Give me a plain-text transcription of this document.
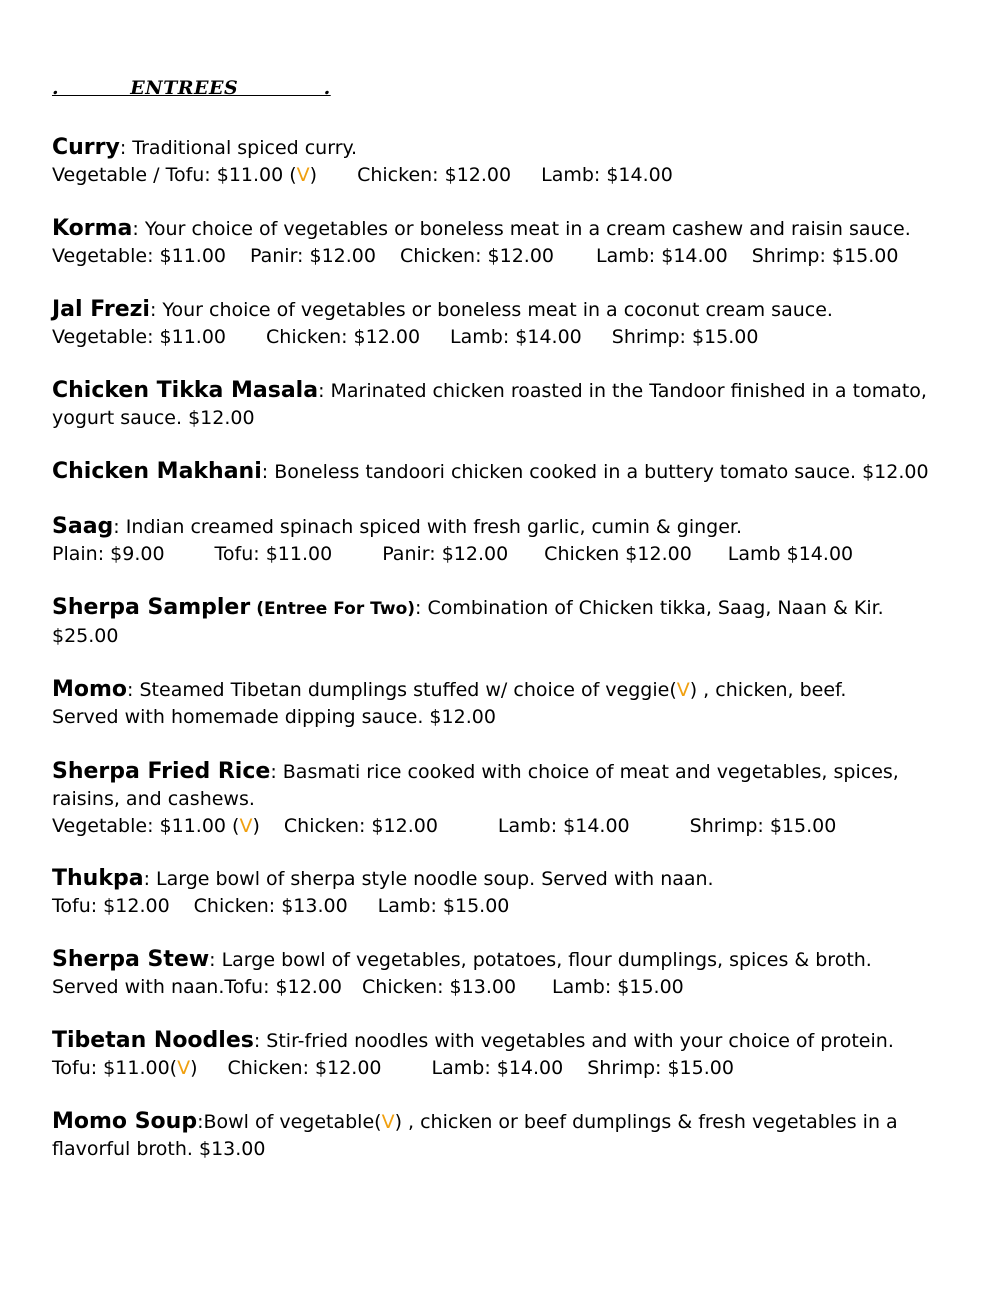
.          ENTREES            .
Curry: Traditional spiced curry.
Vegetable / Tofu: $11.00 (V) Chicken: $12.00 Lamb: $14.00
Korma: Your choice of vegetables or boneless meat in a cream cashew and raisin sauce.
Vegetable: $11.00 Panir: $12.00 Chicken: $12.00 Lamb: $14.00 Shrimp: $15.00
Jal Frezi: Your choice of vegetables or boneless meat in a coconut cream sauce.
Vegetable: $11.00 Chicken: $12.00 Lamb: $14.00 Shrimp: $15.00
Chicken Tikka Masala: Marinated chicken roasted in the Tandoor finished in a tomato,
yogurt sauce. $12.00
Chicken Makhani: Boneless tandoori chicken cooked in a buttery tomato sauce. $12.00
Saag: Indian creamed spinach spiced with fresh garlic, cumin & ginger.
Plain: $9.00	Tofu: $11.00	Panir: $12.00 Chicken $12.00 Lamb $14.00
Sherpa Sampler (Entree For Two): Combination of Chicken tikka, Saag, Naan & Kir.
$25.00
Momo: Steamed Tibetan dumplings stuffed w/ choice of veggie(V) , chicken, beef.
Served with homemade dipping sauce. $12.00
Sherpa Fried Rice: Basmati rice cooked with choice of meat and vegetables, spices,
raisins, and cashews.
Vegetable: $11.00 (V) Chicken: $12.00	Lamb: $14.00	Shrimp: $15.00
Thukpa: Large bowl of sherpa style noodle soup. Served with naan.
Tofu: $12.00 Chicken: $13.00 Lamb: $15.00
Sherpa Stew: Large bowl of vegetables, potatoes, flour dumplings, spices & broth.
Served with naan.Tofu: $12.00 Chicken: $13.00 Lamb: $15.00
Tibetan Noodles: Stir-fried noodles with vegetables and with your choice of protein.
Tofu: $11.00(V) Chicken: $12.00	Lamb: $14.00 Shrimp: $15.00
Momo Soup:Bowl of vegetable(V) , chicken or beef dumplings & fresh vegetables in a
flavorful broth. $13.00
